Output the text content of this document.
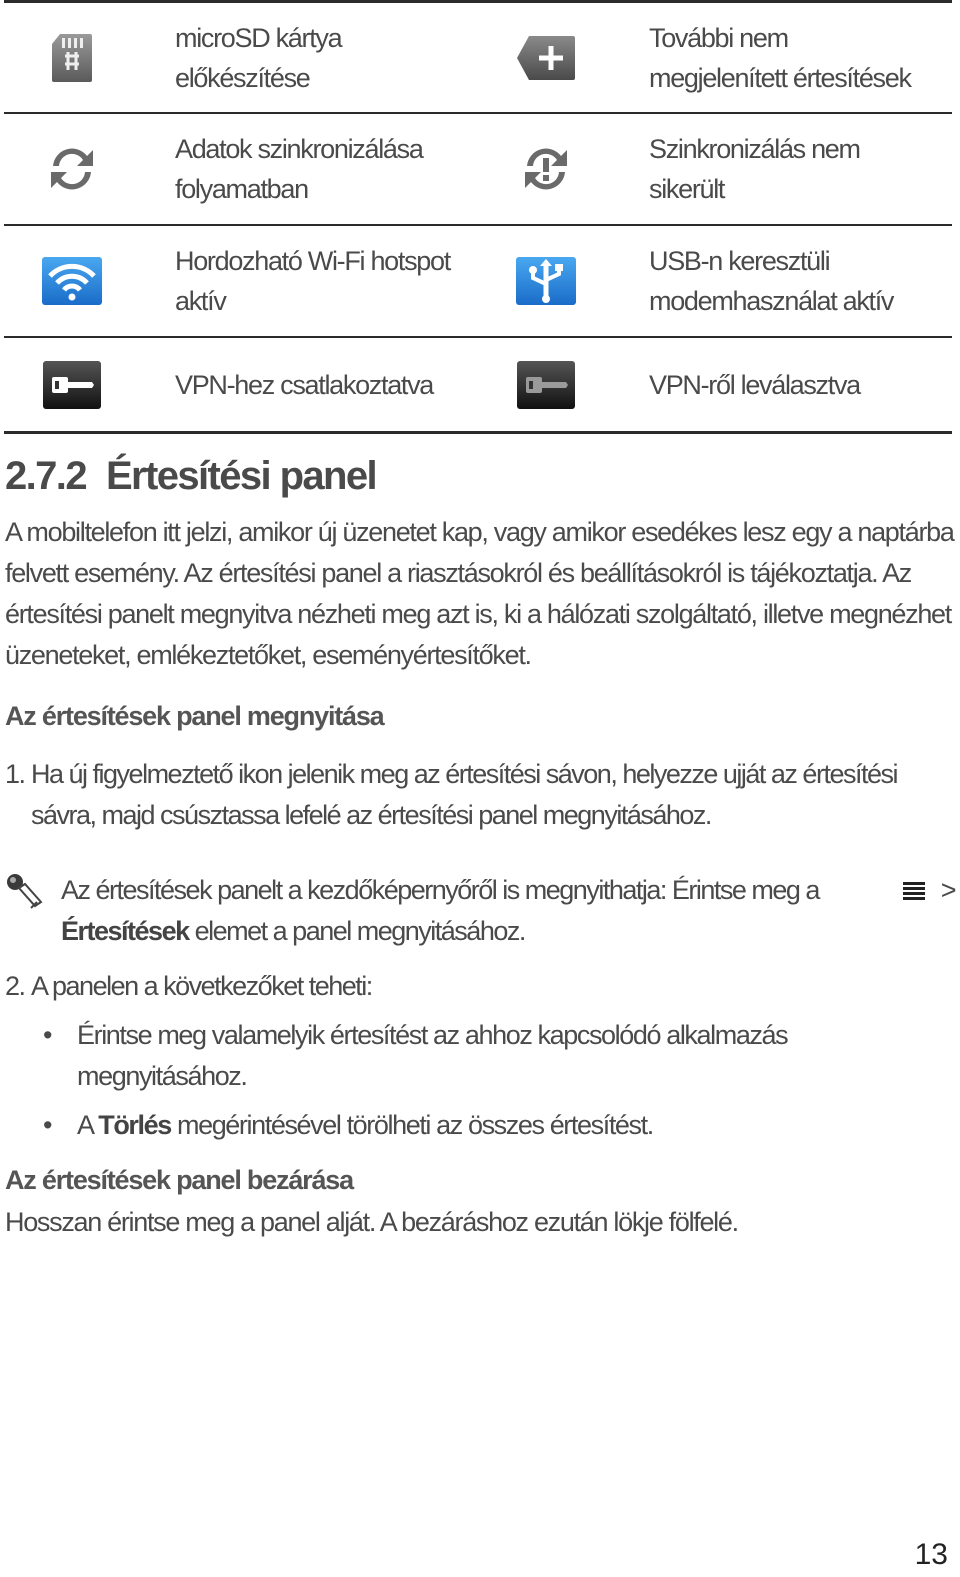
microSD kártya
előkészítése
További nem
megjelenített értesítések
Adatok szinkronizálása
folyamatban
Szinkronizálás nem
sikerült
Hordozható Wi-Fi hotspot
aktív
USB-n keresztüli
modemhasználat aktív
VPN-hez csatlakoztatva	VPN-ről leválasztva
2.7.2 Értesítési panel

A mobiltelefon itt jelzi, amikor új üzenetet kap, vagy amikor esedékes lesz egy a naptárba felvett esemény. Az értesítési panel a riasztásokról és beállításokról is tájékoztatja. Az értesítési panelt megnyitva nézheti meg azt is, ki a hálózati szolgáltató, illetve megnézhet üzeneteket, emlékeztetőket, eseményértesítőket.

Az értesítések panel megnyitása

1. Ha új figyelmeztető ikon jelenik meg az értesítési sávon, helyezze ujját az értesítési sávra, majd csúsztassa lefelé az értesítési panel megnyitásához.
Az értesítések panelt a kezdőképernyőről is megnyithatja: Érintse meg a	>
Értesítések elemet a panel megnyitásához.
2. A panelen a következőket teheti:
• Érintse meg valamelyik értesítést az ahhoz kapcsolódó alkalmazás megnyitásához.
• A Törlés megérintésével törölheti az összes értesítést.

Az értesítések panel bezárása

Hosszan érintse meg a panel alját. A bezáráshoz ezután lökje fölfelé.

13
